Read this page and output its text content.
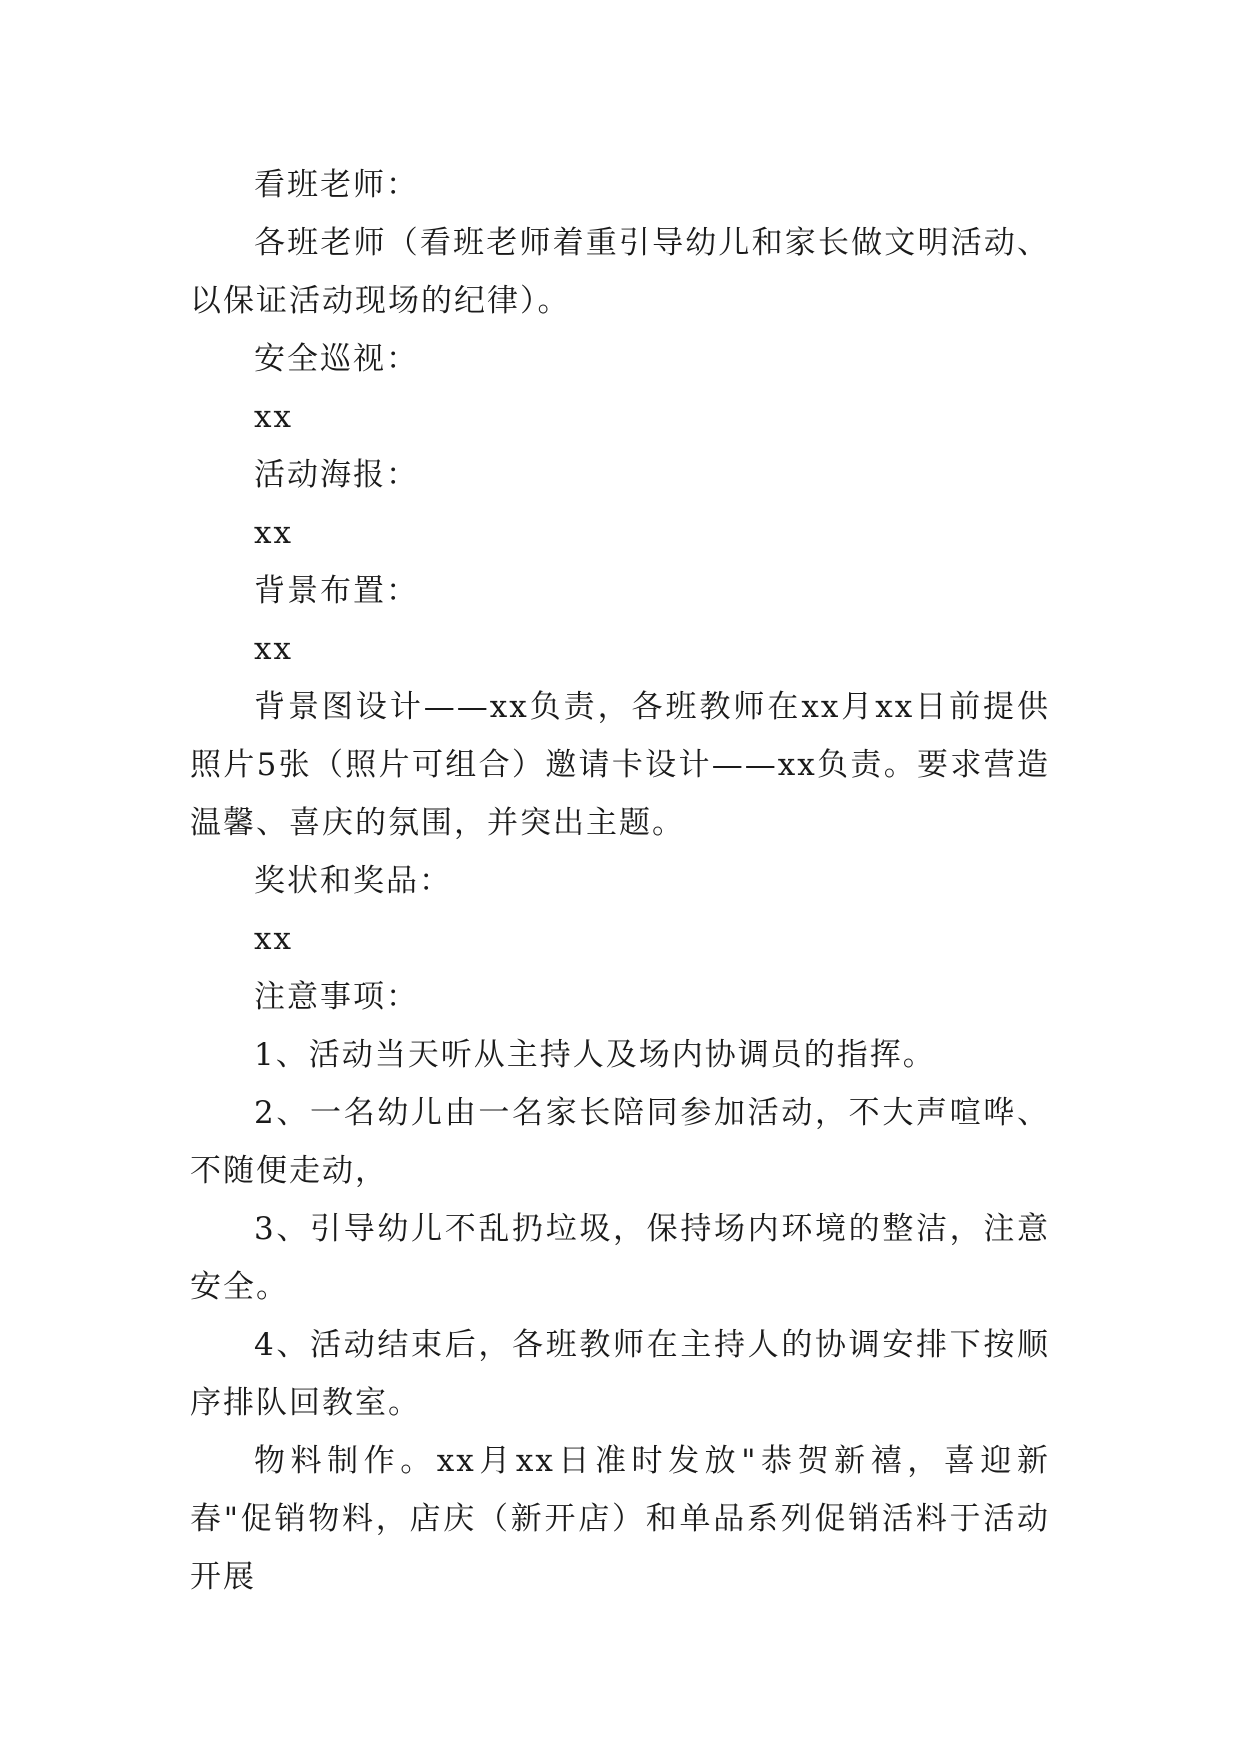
看班老师：

各班老师（看班老师着重引导幼儿和家长做文明活动、以保证活动现场的纪律）。

安全巡视：

xx

活动海报：

xx

背景布置：

xx

背景图设计——xx负责，各班教师在xx月xx日前提供照片5张（照片可组合）邀请卡设计——xx负责。要求营造温馨、喜庆的氛围，并突出主题。

奖状和奖品：

xx

注意事项：

1、活动当天听从主持人及场内协调员的指挥。

2、一名幼儿由一名家长陪同参加活动，不大声喧哗、不随便走动，

3、引导幼儿不乱扔垃圾，保持场内环境的整洁，注意安全。

4、活动结束后，各班教师在主持人的协调安排下按顺序排队回教室。

物料制作。xx月xx日准时发放"恭贺新禧，喜迎新春"促销物料，店庆（新开店）和单品系列促销活料于活动开展
